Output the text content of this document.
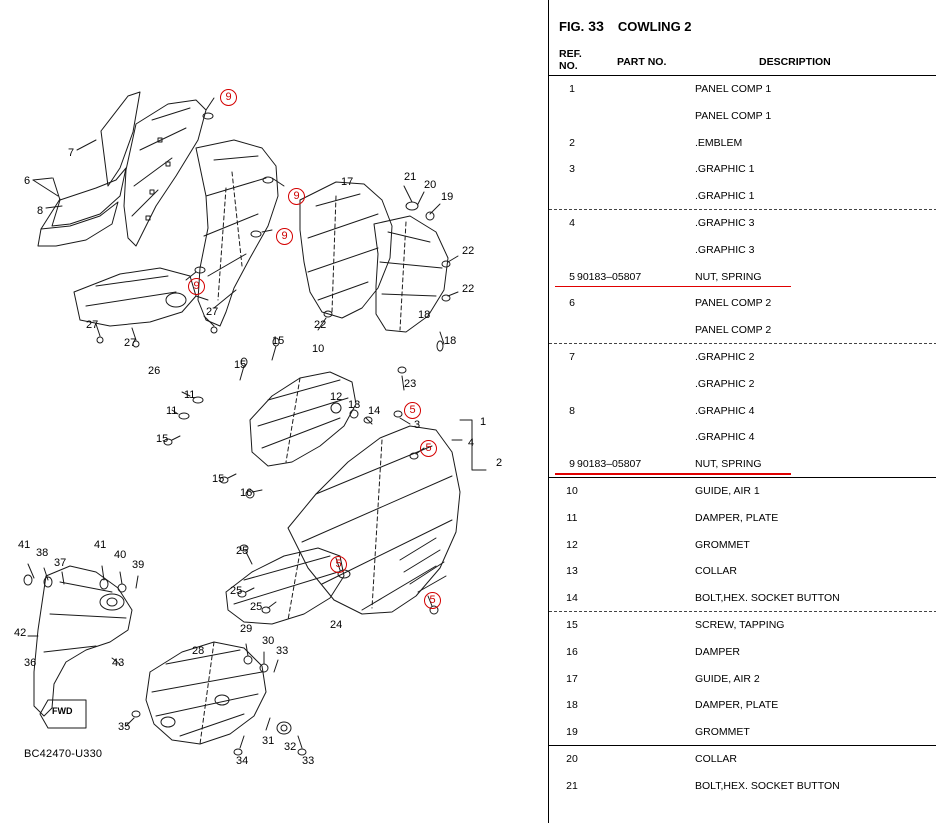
7
6
8
17	21
20
19
22
22
22
18
18
23
27
27
27
26
15
10
15
11
11
12
13 14
15
15
16
3	1
4
2
25
25
25
24
41
38
37
41
40
39
42
36	43
28
29
30
33
35
34
31 32
33
9
9
9
9
5
5
5
5
FWD
BC42470-U330
FIG. 33 COWLING 2
REF.
NO.	PART NO.	DESCRIPTION
1	PANEL COMP 1
PANEL COMP 1
2	.EMBLEM
3	.GRAPHIC 1
.GRAPHIC 1
4	.GRAPHIC 3
.GRAPHIC 3
5 90183–05807	NUT, SPRING
6	PANEL COMP 2
PANEL COMP 2
7	.GRAPHIC 2
.GRAPHIC 2
8	.GRAPHIC 4
.GRAPHIC 4
9 90183–05807	NUT, SPRING
10	GUIDE, AIR 1
11	DAMPER, PLATE
12	GROMMET
13	COLLAR
14	BOLT,HEX. SOCKET BUTTON
15	SCREW, TAPPING
16	DAMPER
17	GUIDE, AIR 2
18	DAMPER, PLATE
19	GROMMET
20	COLLAR
21	BOLT,HEX. SOCKET BUTTON
